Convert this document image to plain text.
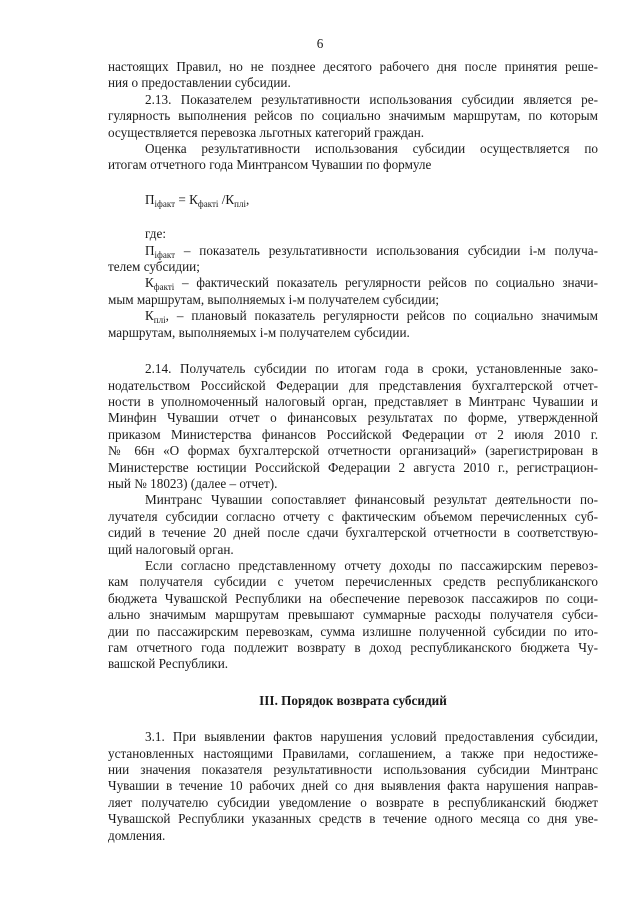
6

настоящих Правил, но не позднее десятого рабочего дня после принятия реше-

ния о предоставлении субсидии.

2.13. Показателем результативности использования субсидии является ре-

гулярность выполнения рейсов по социально значимым маршрутам, по которым

осуществляется перевозка льготных категорий граждан.

Оценка результативности использования субсидии осуществляется по

итогам отчетного года Минтрансом Чувашии по формуле

$П_{iфакт} = К_{факті}$ $/К_{плі}$,

где:

$П_{iфакт}$ – показатель результативности использования субсидии i-м получа-

телем субсидии;

$К_{факті}$ – фактический показатель регулярности рейсов по социально значи-

мым маршрутам, выполняемых i-м получателем субсидии;

$К_{плі}$, – плановый показатель регулярности рейсов по социально значимым

маршрутам, выполняемых i-м получателем субсидии.

2.14. Получатель субсидии по итогам года в сроки, установленные зако-

нодательством Российской Федерации для представления бухгалтерской отчет-

ности в уполномоченный налоговый орган, представляет в Минтранс Чувашии и

Минфин Чувашии отчет о финансовых результатах по форме, утвержденной

приказом Министерства финансов Российской Федерации от 2 июля 2010 г.

№ 66н «О формах бухгалтерской отчетности организаций» (зарегистрирован в

Министерстве юстиции Российской Федерации 2 августа 2010 г., регистрацион-

ный № 18023) (далее – отчет).

Минтранс Чувашии сопоставляет финансовый результат деятельности по-

лучателя субсидии согласно отчету с фактическим объемом перечисленных суб-

сидий в течение 20 дней после сдачи бухгалтерской отчетности в соответствую-

щий налоговый орган.

Если согласно представленному отчету доходы по пассажирским перевоз-

кам получателя субсидии с учетом перечисленных средств республиканского

бюджета Чувашской Республики на обеспечение перевозок пассажиров по соци-

ально значимым маршрутам превышают суммарные расходы получателя субси-

дии по пассажирским перевозкам, сумма излишне полученной субсидии по ито-

гам отчетного года подлежит возврату в доход республиканского бюджета Чу-

вашской Республики.

III. Порядок возврата субсидий

3.1. При выявлении фактов нарушения условий предоставления субсидии,

установленных настоящими Правилами, соглашением, а также при недостиже-

нии значения показателя результативности использования субсидии Минтранс

Чувашии в течение 10 рабочих дней со дня выявления факта нарушения направ-

ляет получателю субсидии уведомление о возврате в республиканский бюджет

Чувашской Республики указанных средств в течение одного месяца со дня уве-

домления.
